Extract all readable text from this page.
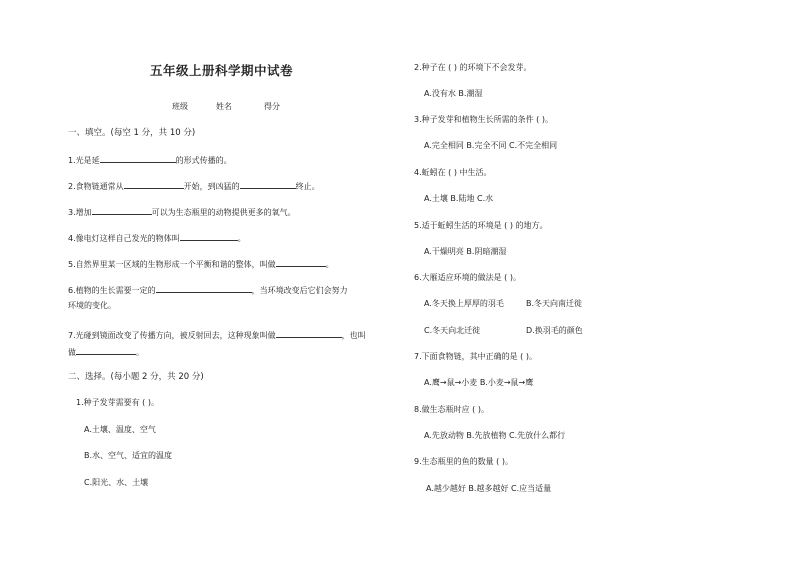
五年级上册科学期中试卷
班级	姓名	得分
一、填空。(每空 1 分，共 10 分)
1.光是延	的形式传播的。
2.食物链通常从	开始，到凶猛的	终止。
3.增加	可以为生态瓶里的动物提供更多的氧气。
4.像电灯这样自己发光的物体叫	。
5.自然界里某一区域的生物形成一个平衡和谐的整体，叫做	。
6.植物的生长需要一定的	，当环境改变后它们会努力
环境的变化。
7.光碰到镜面改变了传播方向，被反射回去，这种现象叫做	，也叫
做	。
二、选择。(每小题 2 分，共 20 分)
1.种子发芽需要有 ( )。
A.土壤、温度、空气
B.水、空气、适宜的温度
C.阳光、水、土壤
2.种子在 ( ) 的环境下不会发芽。
A.没有水 B.潮湿
3.种子发芽和植物生长所需的条件 ( )。
A.完全相同 B.完全不同 C.不完全相同
4.蚯蚓在 ( ) 中生活。
A.土壤 B.陆地 C.水
5.适于蚯蚓生活的环境是 ( ) 的地方。
A.干燥明亮 B.阴暗潮湿
6.大雁适应环境的做法是 ( )。
A.冬天换上厚厚的羽毛	B.冬天向南迁徙
C.冬天向北迁徙	D.换羽毛的颜色
7.下面食物链，其中正确的是 ( )。
A.鹰→鼠→小麦 B.小麦→鼠→鹰
8.做生态瓶时应 ( )。
A.先放动物 B.先放植物 C.先放什么都行
9.生态瓶里的鱼的数量 ( )。
A.越少越好 B.越多越好 C.应当适量
